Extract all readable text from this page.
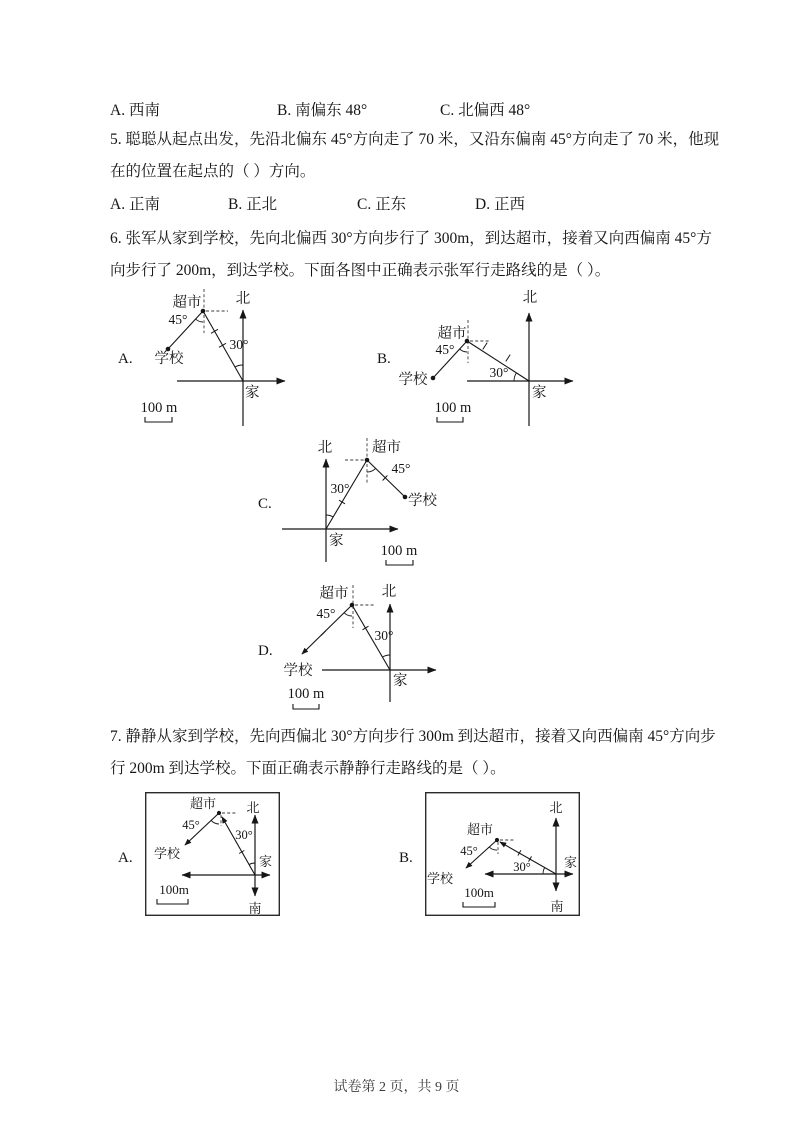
A. 西南	B. 南偏东 48°	C. 北偏西 48°
5. 聪聪从起点出发，先沿北偏东 45°方向走了 70 米，又沿东偏南 45°方向走了 70 米，他现
在的位置在起点的（ ）方向。
A. 正南	B. 正北	C. 正东	D. 正西
6. 张军从家到学校，先向北偏西 30°方向步行了 300m，到达超市，接着又向西偏南 45°方
向步行了 200m，到达学校。下面各图中正确表示张军行走路线的是（ ）。
A.	B.
C.
D.
北
超市
45°
30°
学校
家
100 m
北
超市
45°
30°
学校
家
100 m
北	超市
45°
30°
学校
家
100 m
北
超市
45°
30°
学校
家
100 m
7. 静静从家到学校，先向西偏北 30°方向步行 300m 到达超市，接着又向西偏南 45°方向步
行 200m 到达学校。下面正确表示静静行走路线的是（ ）。
A.	B.
北
南
超市
45°
30°
学校
家
100m
北
南
超市
45°
30°
学校
家
100m
试卷第 2 页，共 9 页
